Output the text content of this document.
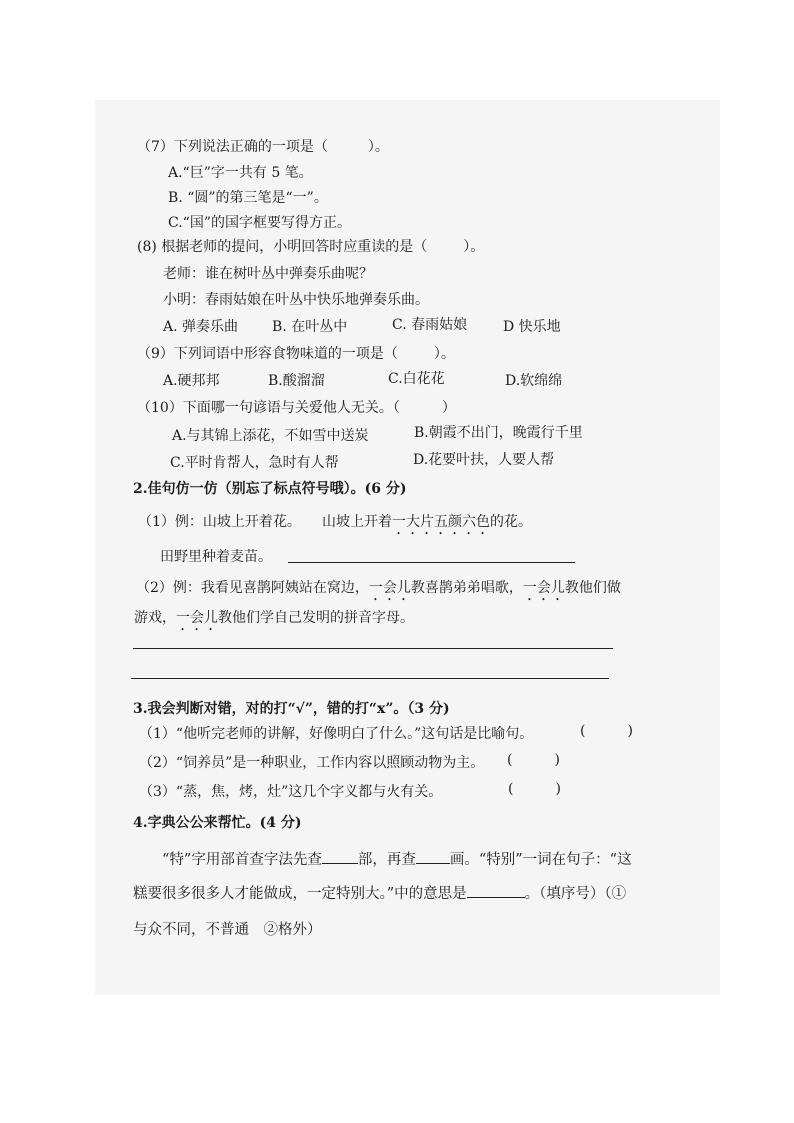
（7）下列说法正确的一项是（	）。
A.“巨”字一共有 5 笔。
B. “圆”的第三笔是“一”。
C.“国”的国字框要写得方正。
(8) 根据老师的提问，小明回答时应重读的是（	）。
老师：谁在树叶丛中弹奏乐曲呢？
小明：春雨姑娘在叶丛中快乐地弹奏乐曲。
A. 弹奏乐曲 B. 在叶丛中	C. 春雨姑娘	D 快乐地
（9）下列词语中形容食物味道的一项是（	）。
A.硬邦邦	B.酸溜溜	C.白花花	D.软绵绵
（10）下面哪一句谚语与关爱他人无关。（	）
A.与其锦上添花，不如雪中送炭	B.朝霞不出门，晚霞行千里
C.平时肯帮人，急时有人帮	D.花要叶扶，人要人帮
2.佳句仿一仿（别忘了标点符号哦）。(6 分)
（1）例：山坡上开着花。 山坡上开着一大片五颜六色的花。
田野里种着麦苗。
（2）例：我看见喜鹊阿姨站在窝边，一会儿教喜鹊弟弟唱歌，一会儿教他们做
游戏，一会儿教他们学自己发明的拼音字母。
3.我会判断对错，对的打“√”，错的打“x”。（3 分)
（1）“他听完老师的讲解，好像明白了什么。”这句话是比喻句。	(　　　)
（2）“饲养员”是一种职业，工作内容以照顾动物为主。 (　　　)
（3）“蒸，焦，烤，灶”这几个字义都与火有关。	(　　　)
4.字典公公来帮忙。(4 分)
“特”字用部首查字法先查 部，再查 画。“特别”一词在句子：“这
糕要很多很多人才能做成，一定特别大。”中的意思是	。（填序号）（①
与众不同，不普通　②格外）
